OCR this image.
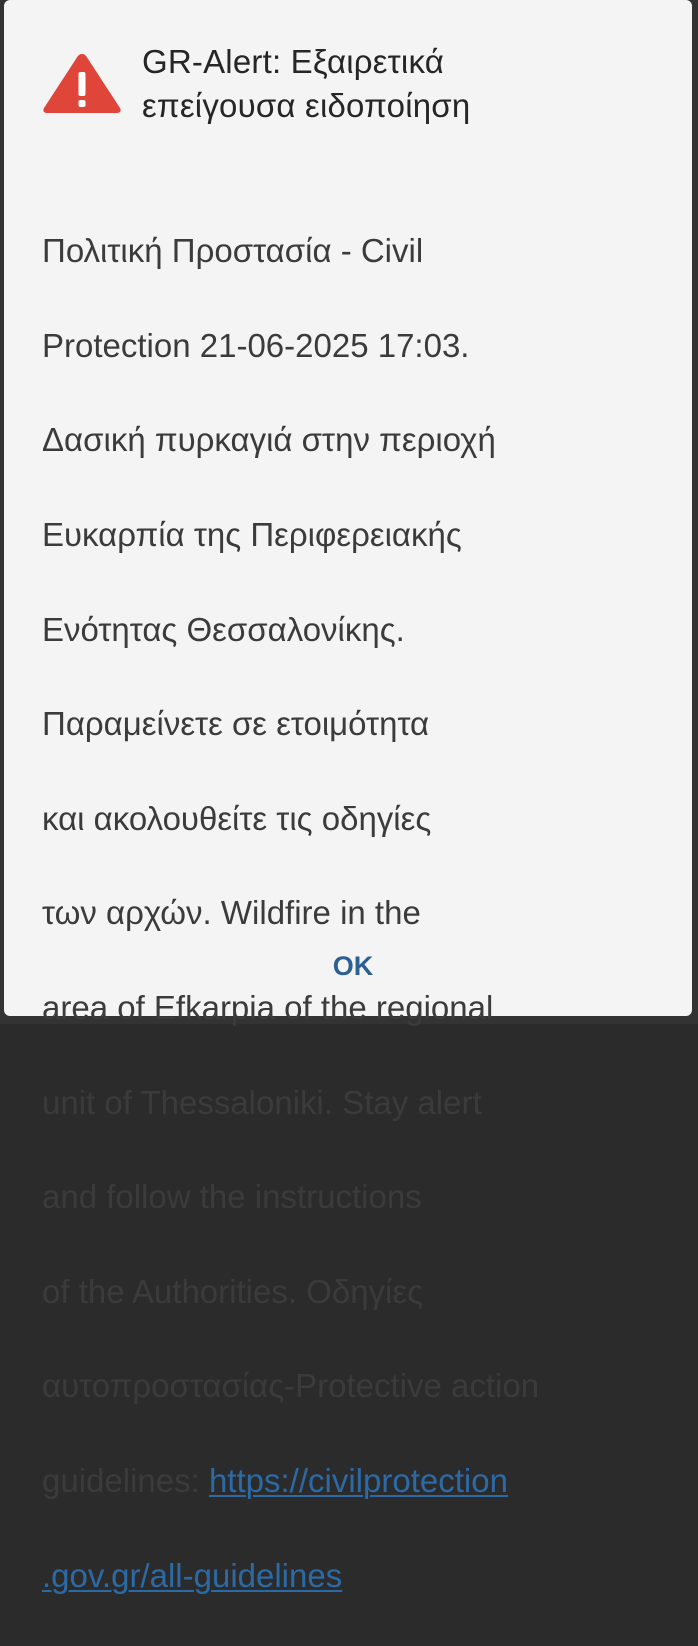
GR-Alert: Εξαιρετικά
επείγουσα ειδοποίηση

Πολιτική Προστασία - Civil

Protection 21-06-2025 17:03.

Δασική πυρκαγιά στην περιοχή

Ευκαρπία της Περιφερειακής

Ενότητας Θεσσαλονίκης.

Παραμείνετε σε ετοιμότητα

και ακολουθείτε τις οδηγίες

των αρχών. Wildfire in the

area of Efkarpia of the regional

unit of Thessaloniki. Stay alert

and follow the instructions

of the Authorities. Οδηγίες

αυτοπροστασίας-Protective action

guidelines: https://civilprotection

.gov.gr/all-guidelines

OK
